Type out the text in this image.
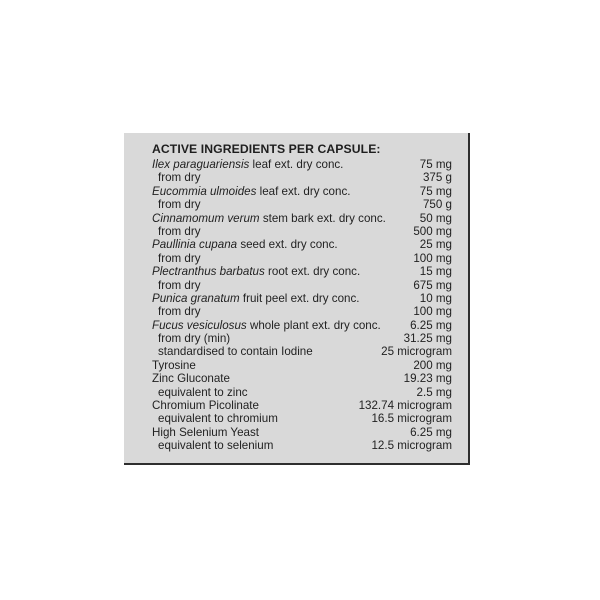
ACTIVE INGREDIENTS PER CAPSULE:
Ilex paraguariensis leaf ext. dry conc.	75 mg
from dry	375 g
Eucommia ulmoides leaf ext. dry conc.	75 mg
from dry	750 g
Cinnamomum verum stem bark ext. dry conc.	50 mg
from dry	500 mg
Paullinia cupana seed ext. dry conc.	25 mg
from dry	100 mg
Plectranthus barbatus root ext. dry conc.	15 mg
from dry	675 mg
Punica granatum fruit peel ext. dry conc.	10 mg
from dry	100 mg
Fucus vesiculosus whole plant ext. dry conc.	6.25 mg
from dry (min)	31.25 mg
standardised to contain Iodine	25 microgram
Tyrosine	200 mg
Zinc Gluconate	19.23 mg
equivalent to zinc	2.5 mg
Chromium Picolinate	132.74 microgram
equivalent to chromium	16.5 microgram
High Selenium Yeast	6.25 mg
equivalent to selenium	12.5 microgram
